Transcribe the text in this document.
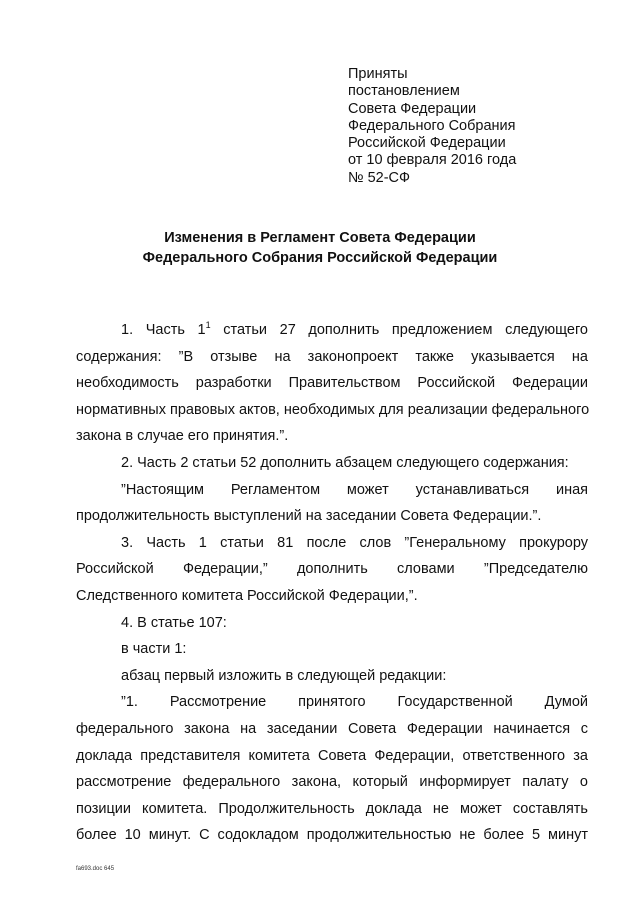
Приняты
постановлением
Совета Федерации
Федерального Собрания
Российской Федерации
от 10 февраля 2016 года
№ 52-СФ
Изменения в Регламент Совета Федерации
Федерального Собрания Российской Федерации
1. Часть $1^1$ статьи 27 дополнить предложением следующего
содержания: ”В отзыве на законопроект также указывается на
необходимость разработки Правительством Российской Федерации
нормативных правовых актов, необходимых для реализации федерального
закона в случае его принятия.”.
2. Часть 2 статьи 52 дополнить абзацем следующего содержания:
”Настоящим Регламентом может устанавливаться иная
продолжительность выступлений на заседании Совета Федерации.”.
3. Часть 1 статьи 81 после слов ”Генеральному прокурору
Российской Федерации,” дополнить словами ”Председателю
Следственного комитета Российской Федерации,”.
4. В статье 107:
в части 1:
абзац первый изложить в следующей редакции:
”1. Рассмотрение принятого Государственной Думой
федерального закона на заседании Совета Федерации начинается с
доклада представителя комитета Совета Федерации, ответственного за
рассмотрение федерального закона, который информирует палату о
позиции комитета. Продолжительность доклада не может составлять
более 10 минут. С содокладом продолжительностью не более 5 минут
fa693.doc 645
